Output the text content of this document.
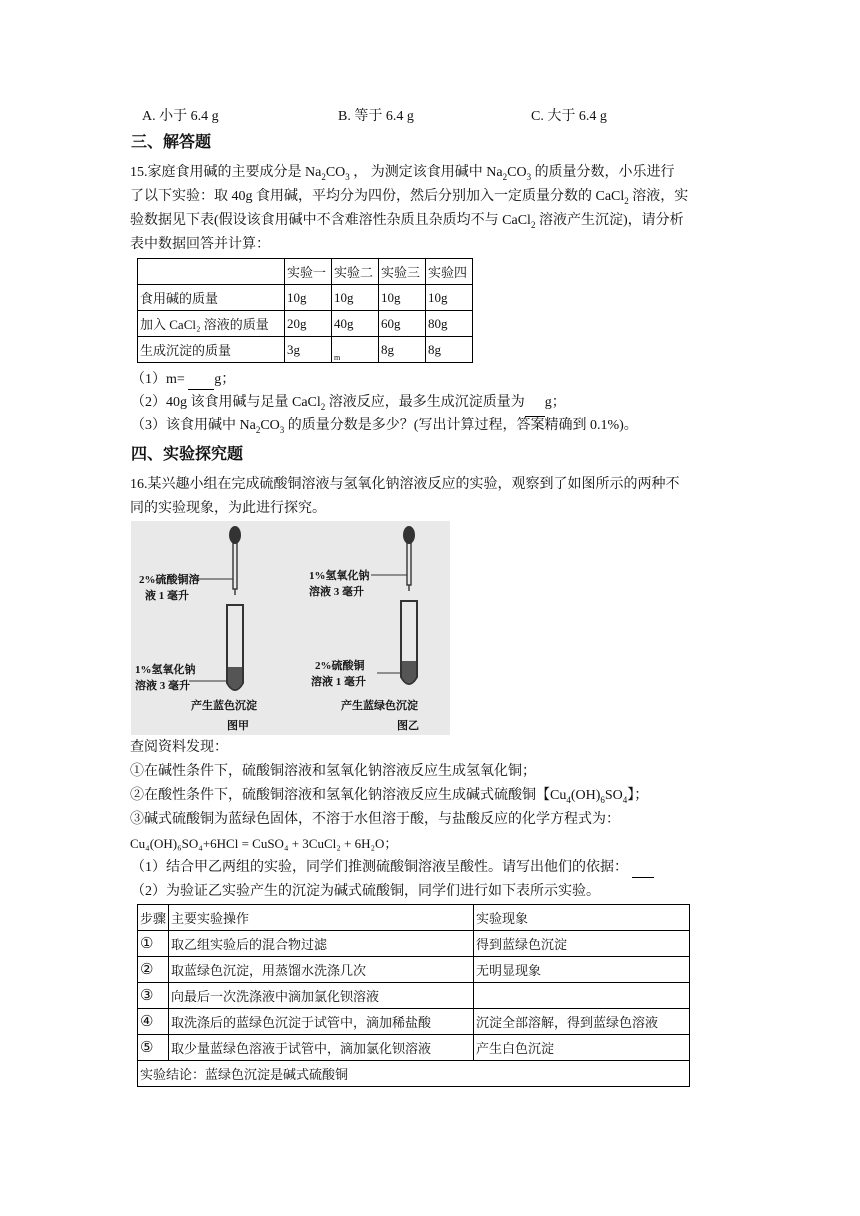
A. 小于 6.4 g	B. 等于 6.4 g	C. 大于 6.4 g
三、解答题
15.家庭食用碱的主要成分是 $Na_2CO_3$ ， 为测定该食用碱中 $Na_2CO_3$ 的质量分数，小乐进行
了以下实验：取 40g 食用碱，平均分为四份，然后分别加入一定质量分数的 CaCl$_2$ 溶液，实
验数据见下表(假设该食用碱中不含难溶性杂质且杂质均不与 CaCl$_2$ 溶液产生沉淀)，请分析
表中数据回答并计算：
	实验一	实验二	实验三	实验四
食用碱的质量	10g	10g	10g	10g
加入 CaCl₂ 溶液的质量	20g	40g	60g	80g
生成沉淀的质量	3g	m	8g	8g
（1）m= g；
（2）40g 该食用碱与足量 CaCl$_2$ 溶液反应，最多生成沉淀质量为 g；
（3）该食用碱中 $Na_2CO_3$ 的质量分数是多少？(写出计算过程，答案精确到 0.1%)。
四、实验探究题
16.某兴趣小组在完成硫酸铜溶液与氢氧化钠溶液反应的实验，观察到了如图所示的两种不
同的实验现象，为此进行探究。
2%硫酸铜溶
液 1 毫升
1%氢氧化钠
溶液 3 毫升
产生蓝色沉淀
图甲
1%氢氧化钠
溶液 3 毫升
2%硫酸铜
溶液 1 毫升
产生蓝绿色沉淀
图乙
查阅资料发现：
①在碱性条件下，硫酸铜溶液和氢氧化钠溶液反应生成氢氧化铜；
②在酸性条件下，硫酸铜溶液和氢氧化钠溶液反应生成碱式硫酸铜【$Cu_4(OH)_6SO_4$】；
③碱式硫酸铜为蓝绿色固体，不溶于水但溶于酸，与盐酸反应的化学方程式为：
Cu₄(OH)₆SO₄+6HCl = CuSO₄ + 3CuCl₂ + 6H₂O；
（1）结合甲乙两组的实验，同学们推测硫酸铜溶液呈酸性。请写出他们的依据：
（2）为验证乙实验产生的沉淀为碱式硫酸铜，同学们进行如下表所示实验。
步骤	主要实验操作	实验现象
①	取乙组实验后的混合物过滤	得到蓝绿色沉淀
②	取蓝绿色沉淀，用蒸馏水洗涤几次	无明显现象
③	向最后一次洗涤液中滴加氯化钡溶液	
④	取洗涤后的蓝绿色沉淀于试管中，滴加稀盐酸	沉淀全部溶解，得到蓝绿色溶液
⑤	取少量蓝绿色溶液于试管中，滴加氯化钡溶液	产生白色沉淀
实验结论：蓝绿色沉淀是碱式硫酸铜		
